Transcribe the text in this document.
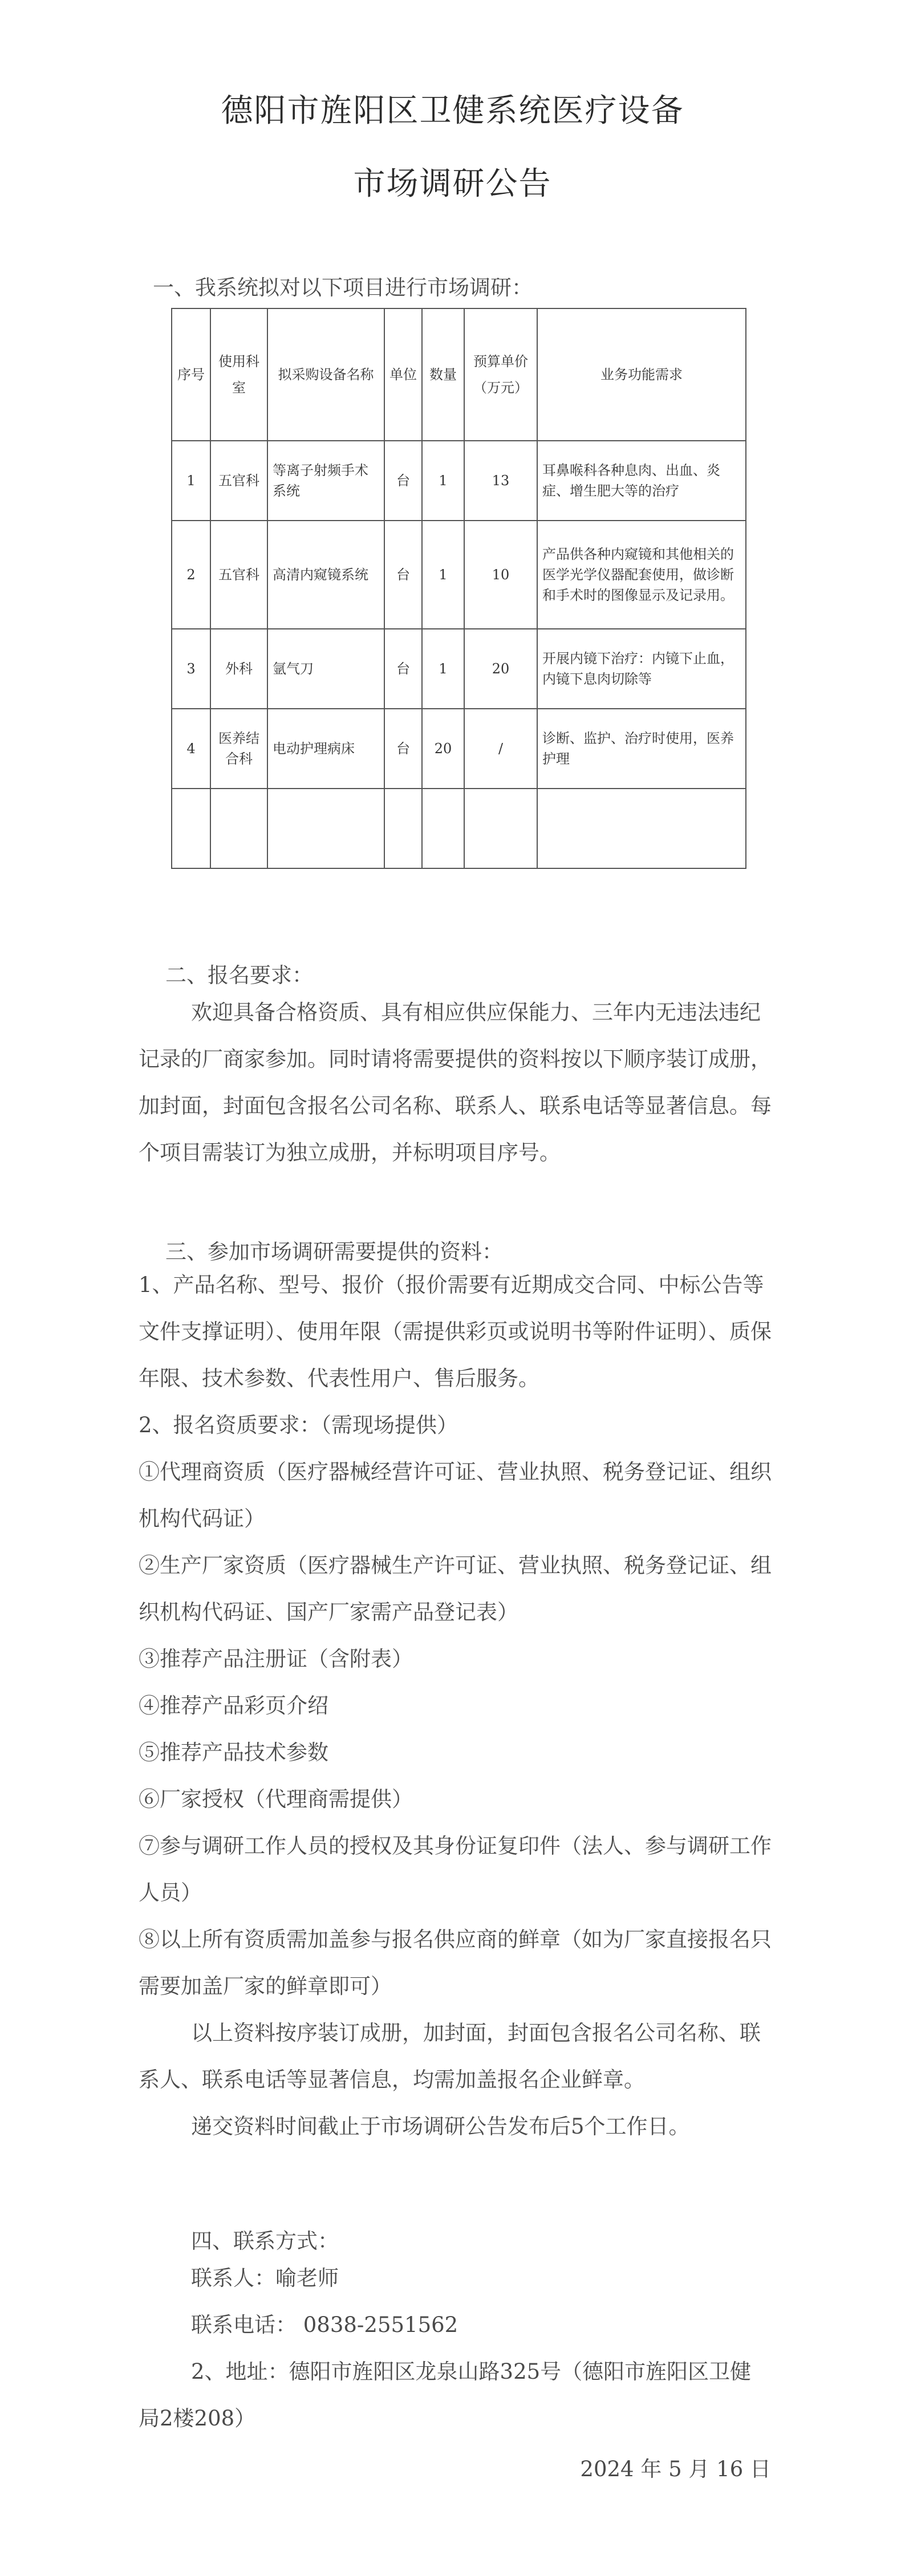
德阳市旌阳区卫健系统医疗设备
市场调研公告
一、我系统拟对以下项目进行市场调研：
序号	使用科室	拟采购设备名称	单位	数量	预算单价（万元）	业务功能需求
1	五官科	等离子射频手术系统	台	1	13	耳鼻喉科各种息肉、出血、炎症、增生肥大等的治疗
2	五官科	高清内窥镜系统	台	1	10	产品供各种内窥镜和其他相关的医学光学仪器配套使用，做诊断和手术时的图像显示及记录用。
3	外科	氩气刀	台	1	20	开展内镜下治疗：内镜下止血，内镜下息肉切除等
4	医养结合科	电动护理病床	台	20	/	诊断、监护、治疗时使用，医养护理

二、报名要求：

欢迎具备合格资质、具有相应供应保能力、三年内无违法违纪记录的厂商家参加。同时请将需要提供的资料按以下顺序装订成册，加封面，封面包含报名公司名称、联系人、联系电话等显著信息。每个项目需装订为独立成册，并标明项目序号。

三、参加市场调研需要提供的资料：

1、产品名称、型号、报价（报价需要有近期成交合同、中标公告等文件支撑证明）、使用年限（需提供彩页或说明书等附件证明）、质保年限、技术参数、代表性用户、售后服务。

2、报名资质要求：（需现场提供）

①代理商资质（医疗器械经营许可证、营业执照、税务登记证、组织机构代码证）

②生产厂家资质（医疗器械生产许可证、营业执照、税务登记证、组织机构代码证、国产厂家需产品登记表）

③推荐产品注册证（含附表）

④推荐产品彩页介绍

⑤推荐产品技术参数

⑥厂家授权（代理商需提供）

⑦参与调研工作人员的授权及其身份证复印件（法人、参与调研工作人员）

⑧以上所有资质需加盖参与报名供应商的鲜章（如为厂家直接报名只需要加盖厂家的鲜章即可）

以上资料按序装订成册，加封面，封面包含报名公司名称、联系人、联系电话等显著信息，均需加盖报名企业鲜章。

递交资料时间截止于市场调研公告发布后5个工作日。

四、联系方式：

联系人：喻老师

联系电话： 0838-2551562

2、地址：德阳市旌阳区龙泉山路325号（德阳市旌阳区卫健局2楼208）

2024 年 5 月 16 日
